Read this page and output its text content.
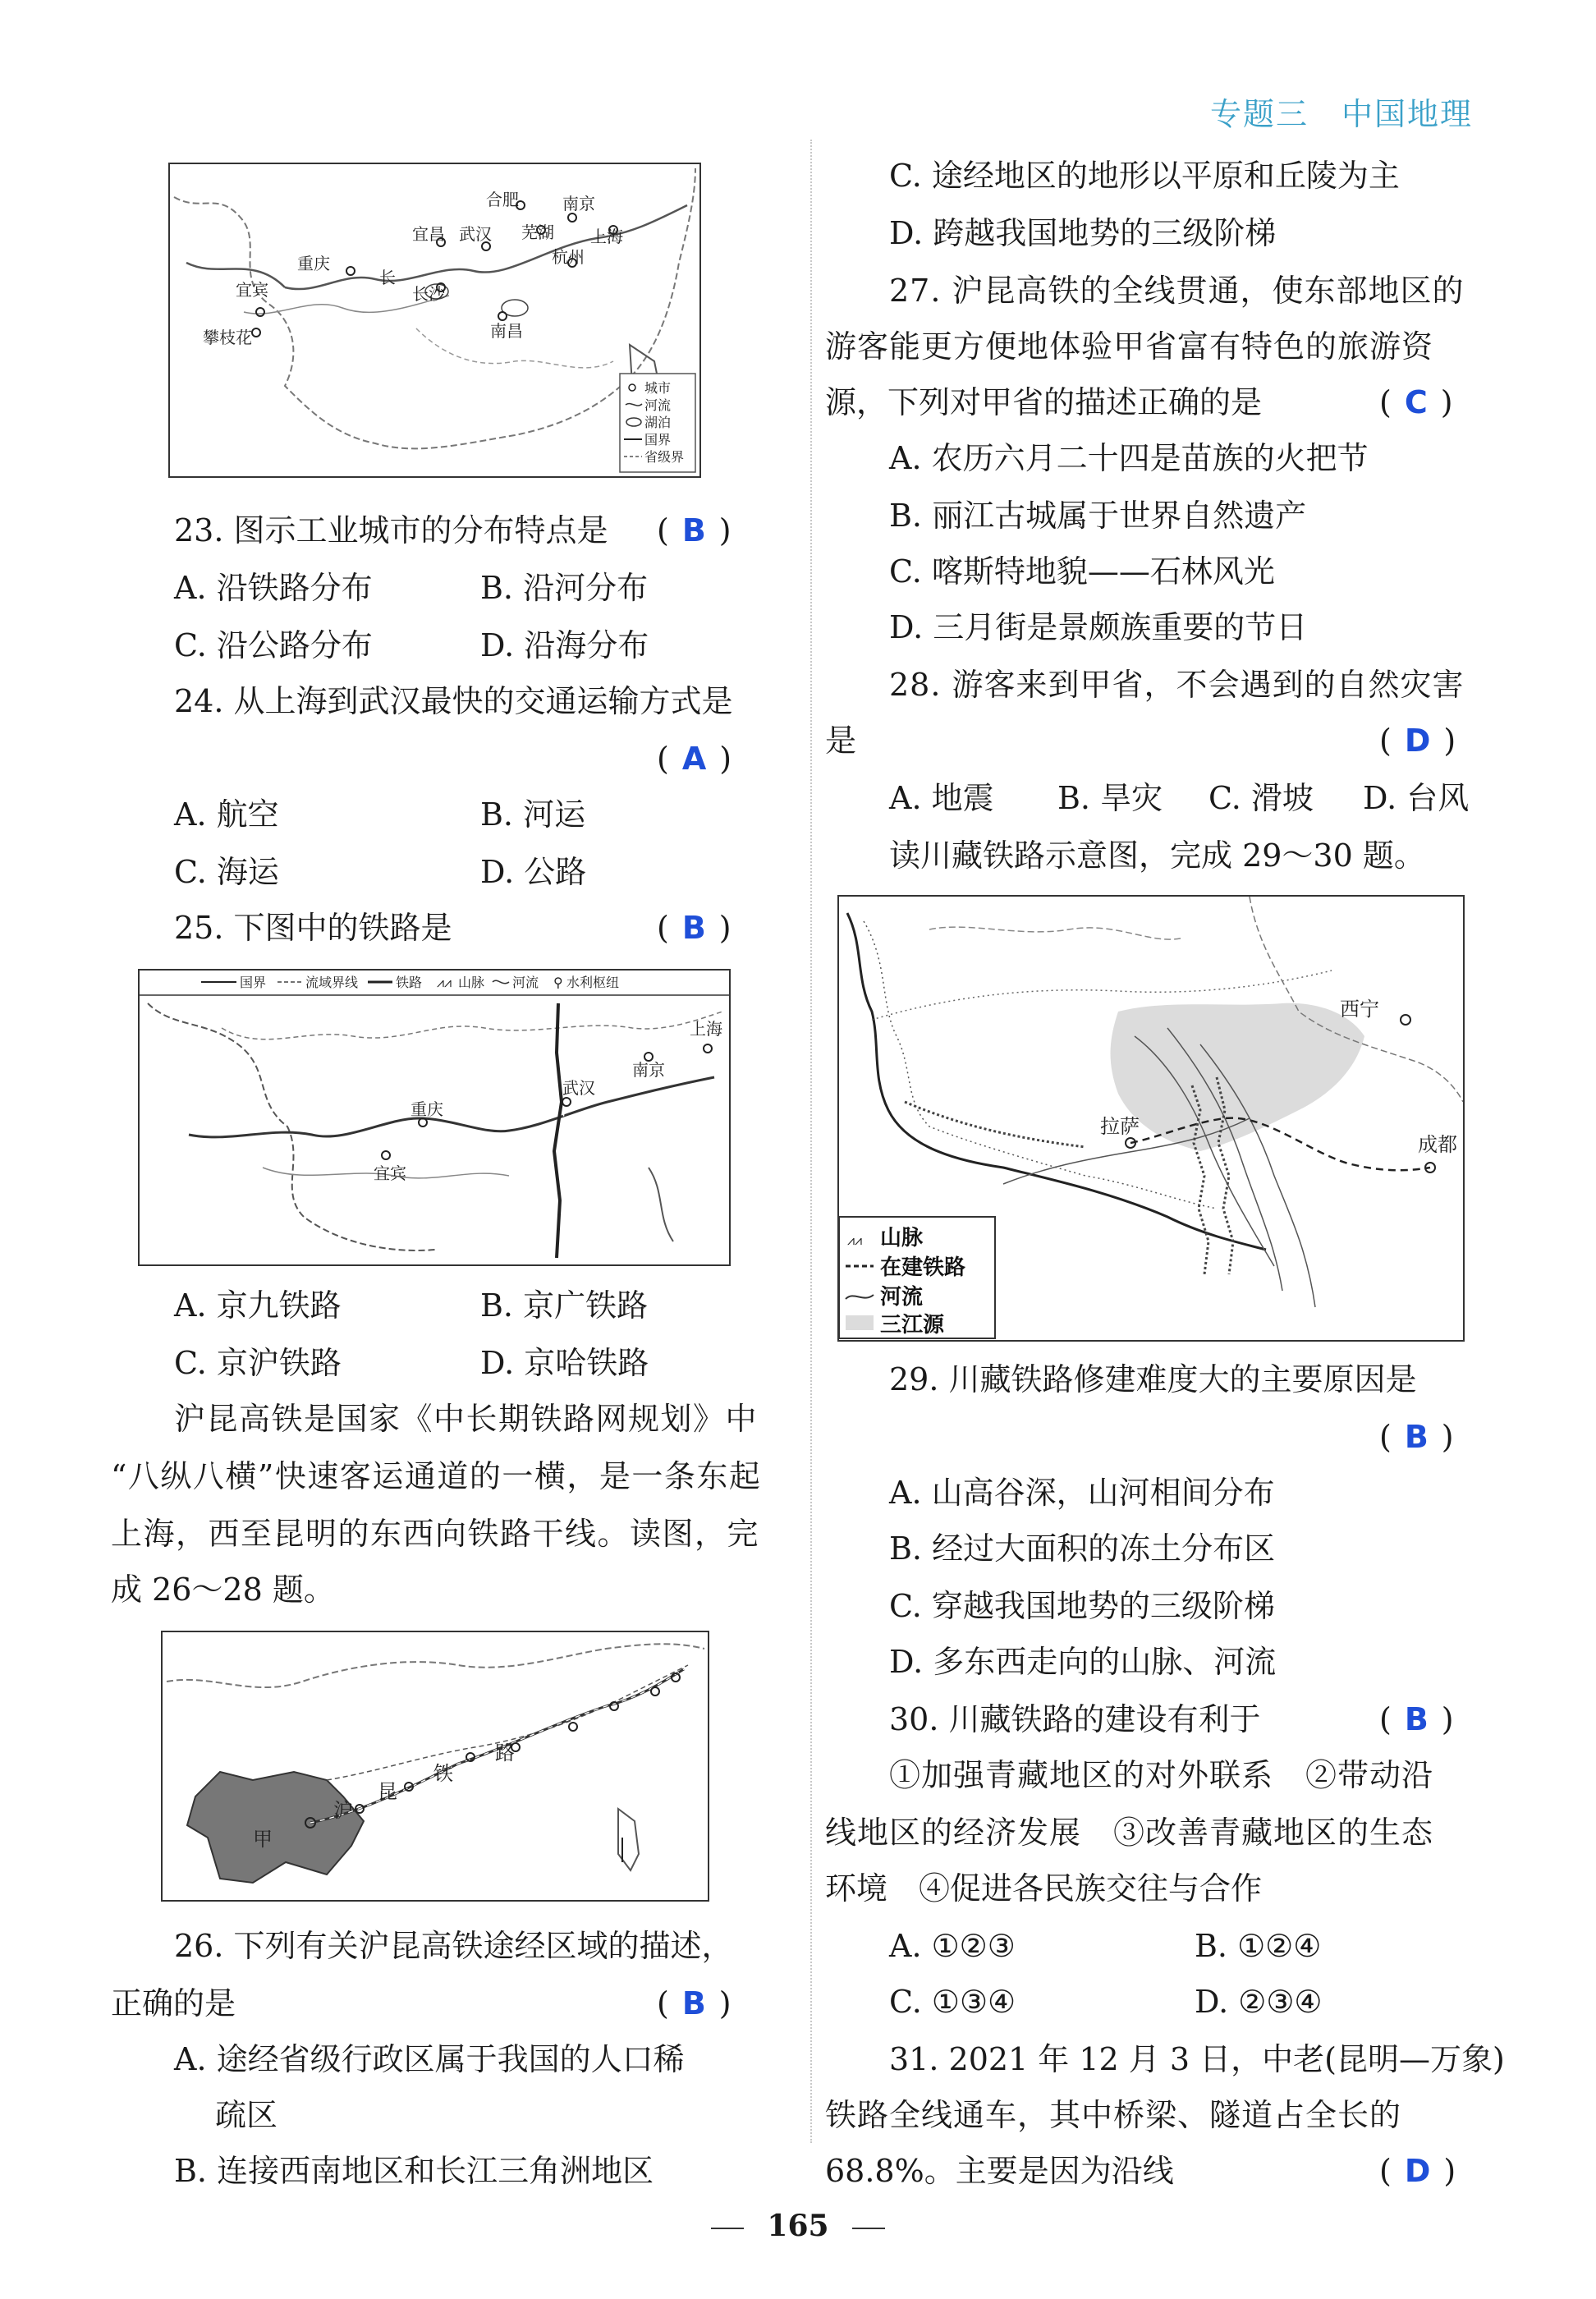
专题三 中国地理
合肥	南京
宜昌 武汉 芜湖 上海
重庆
长
长沙
杭州
宜宾
南昌
攀枝花
城市
河流
湖泊
国界
省级界
23. 图示工业城市的分布特点是 ( B )
A. 沿铁路分布	B. 沿河分布
C. 沿公路分布	D. 沿海分布
24. 从上海到武汉最快的交通运输方式是
( A )
A. 航空	B. 河运
C. 海运	D. 公路
25. 下图中的铁路是	( B )
国界	流域界线	铁路 ⩘⩘ 山脉 河流 ⚲ 水利枢纽
重庆
宜宾
武汉
南京
上海
A. 京九铁路	B. 京广铁路
C. 京沪铁路	D. 京哈铁路
沪昆高铁是国家《中长期铁路网规划》中
“八纵八横”快速客运通道的一横，是一条东起
上海，西至昆明的东西向铁路干线。读图，完
成 26～28 题。
甲
沪
昆
铁
路
26. 下列有关沪昆高铁途经区域的描述，
正确的是	( B )
A. 途经省级行政区属于我国的人口稀
疏区
B. 连接西南地区和长江三角洲地区
C. 途经地区的地形以平原和丘陵为主
D. 跨越我国地势的三级阶梯
27. 沪昆高铁的全线贯通，使东部地区的
游客能更方便地体验甲省富有特色的旅游资
源，下列对甲省的描述正确的是	( C )
A. 农历六月二十四是苗族的火把节
B. 丽江古城属于世界自然遗产
C. 喀斯特地貌——石林风光
D. 三月街是景颇族重要的节日
28. 游客来到甲省，不会遇到的自然灾害
是	( D )
A. 地震 B. 旱灾 C. 滑坡 D. 台风
读川藏铁路示意图，完成 29～30 题。
拉萨
西宁
成都
⩘⩘ 山脉
在建铁路
河流
三江源
29. 川藏铁路修建难度大的主要原因是
( B )
A. 山高谷深，山河相间分布
B. 经过大面积的冻土分布区
C. 穿越我国地势的三级阶梯
D. 多东西走向的山脉、河流
30. 川藏铁路的建设有利于	( B )
①加强青藏地区的对外联系　②带动沿
线地区的经济发展　③改善青藏地区的生态
环境　④促进各民族交往与合作
A. ①②③	B. ①②④
C. ①③④	D. ②③④
31. 2021 年 12 月 3 日，中老(昆明—万象)
铁路全线通车，其中桥梁、隧道占全长的
68.8%。主要是因为沿线	( D )
165
